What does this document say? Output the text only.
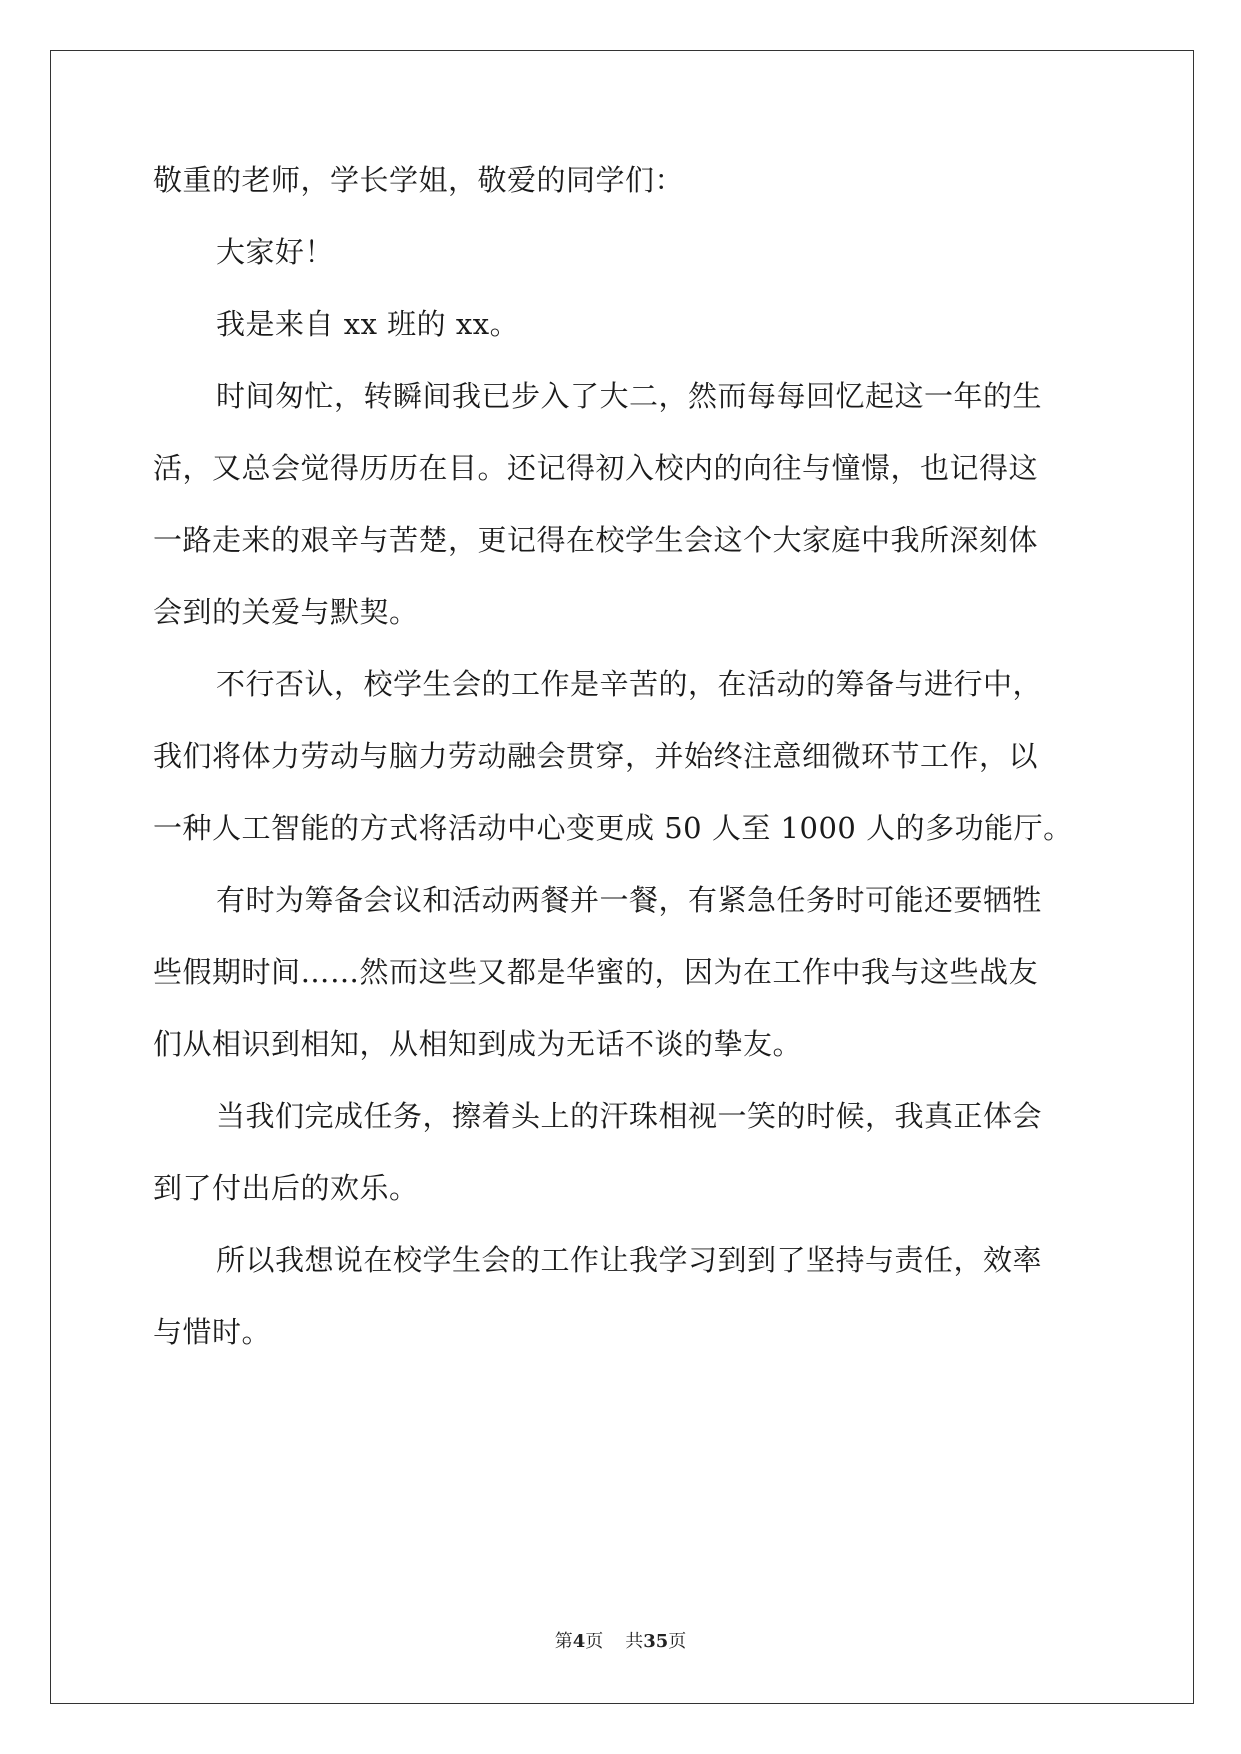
敬重的老师，学长学姐，敬爱的同学们：
大家好！
我是来自 xx 班的 xx。
时间匆忙，转瞬间我已步入了大二，然而每每回忆起这一年的生
活，又总会觉得历历在目。还记得初入校内的向往与憧憬，也记得这
一路走来的艰辛与苦楚，更记得在校学生会这个大家庭中我所深刻体
会到的关爱与默契。
不行否认，校学生会的工作是辛苦的，在活动的筹备与进行中，
我们将体力劳动与脑力劳动融会贯穿，并始终注意细微环节工作，以
一种人工智能的方式将活动中心变更成 50 人至 1000 人的多功能厅。
有时为筹备会议和活动两餐并一餐，有紧急任务时可能还要牺牲
些假期时间……然而这些又都是华蜜的，因为在工作中我与这些战友
们从相识到相知，从相知到成为无话不谈的挚友。
当我们完成任务，擦着头上的汗珠相视一笑的时候，我真正体会
到了付出后的欢乐。
所以我想说在校学生会的工作让我学习到到了坚持与责任，效率
与惜时。
第4页 共35页
